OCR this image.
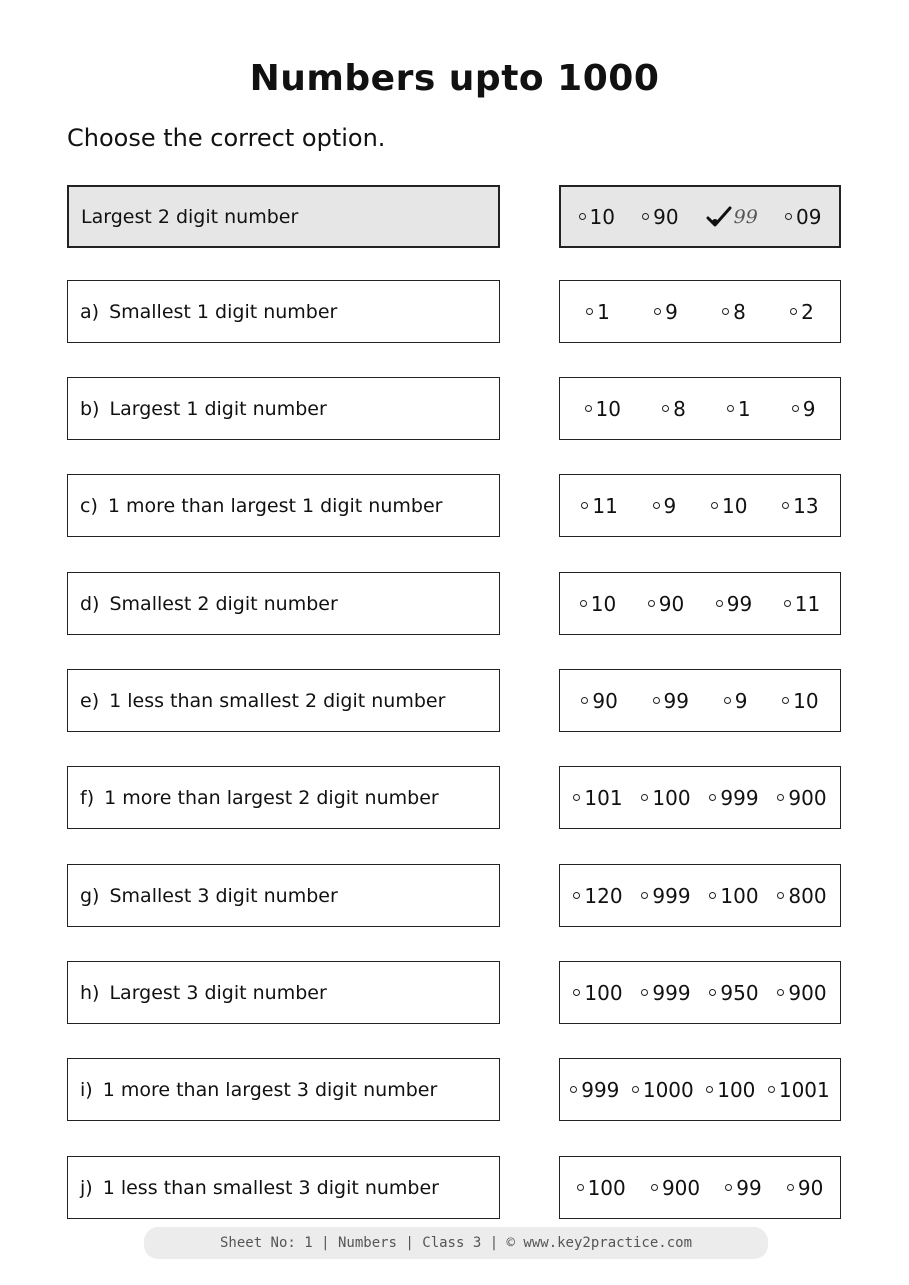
Numbers upto 1000
Choose the correct option.
Largest 2 digit number	10 90	99 09
a) Smallest 1 digit number	1	9	8	2
b) Largest 1 digit number	10	8	1	9
c) 1 more than largest 1 digit number	11 9 10 13
d) Smallest 2 digit number	10 90 99 11
e) 1 less than smallest 2 digit number	90 99 9 10
f) 1 more than largest 2 digit number	101 100 999 900
g) Smallest 3 digit number	120 999 100 800
h) Largest 3 digit number	100 999 950 900
i) 1 more than largest 3 digit number	999 1000 100 1001
j) 1 less than smallest 3 digit number	100 900 99 90
Sheet No: 1 | Numbers | Class 3 | © www.key2practice.com
